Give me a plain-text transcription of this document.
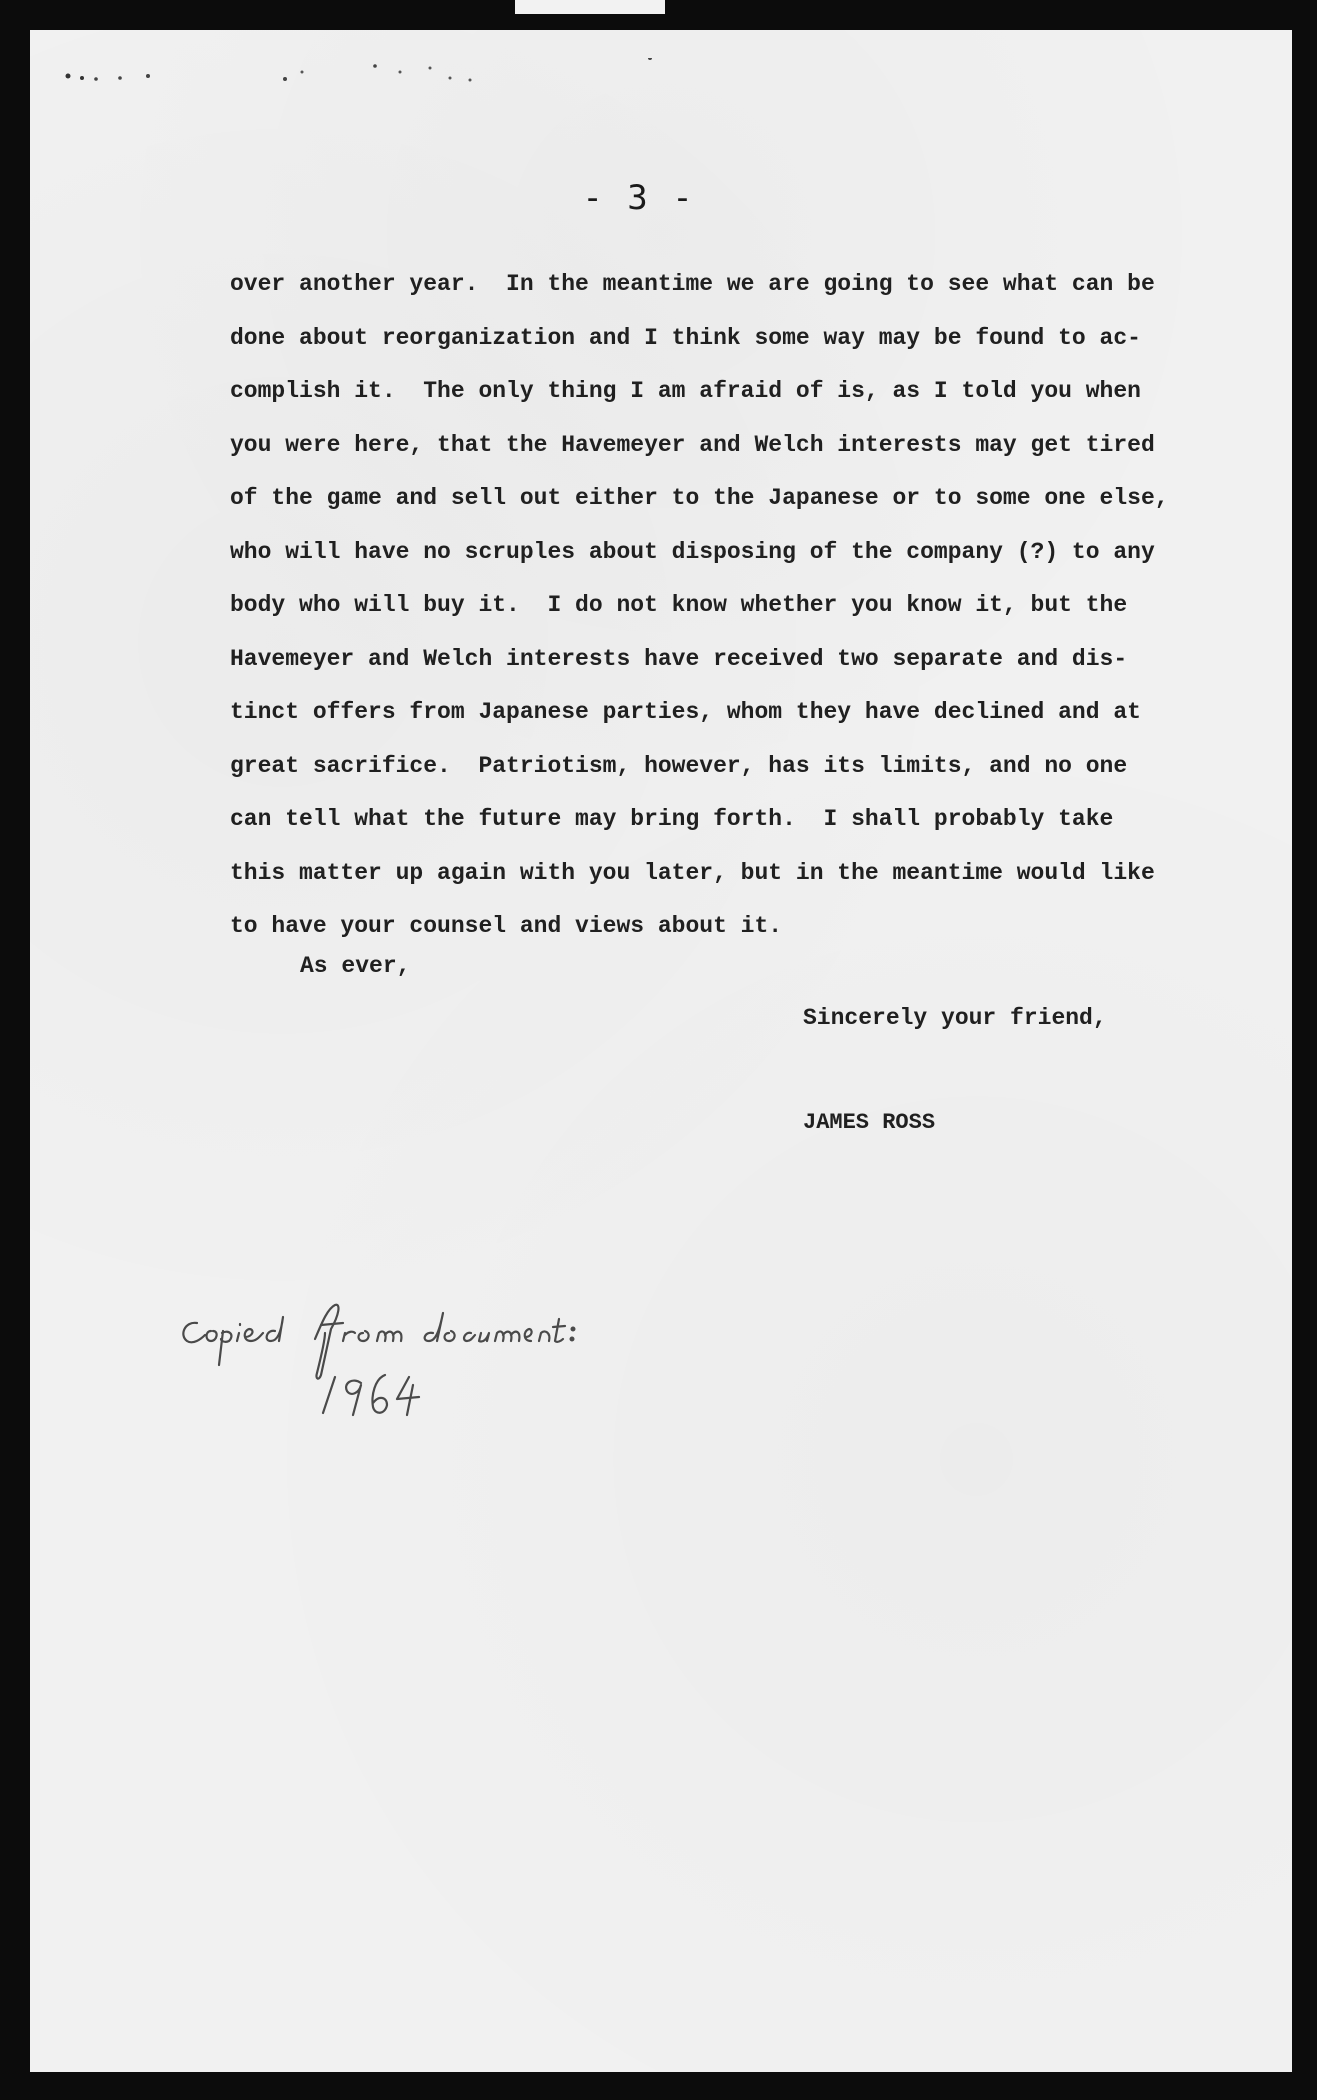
- 3 -
over another year.  In the meantime we are going to see what can be
done about reorganization and I think some way may be found to ac-
complish it.  The only thing I am afraid of is, as I told you when
you were here, that the Havemeyer and Welch interests may get tired
of the game and sell out either to the Japanese or to some one else,
who will have no scruples about disposing of the company (?) to any
body who will buy it.  I do not know whether you know it, but the
Havemeyer and Welch interests have received two separate and dis-
tinct offers from Japanese parties, whom they have declined and at
great sacrifice.  Patriotism, however, has its limits, and no one
can tell what the future may bring forth.  I shall probably take
this matter up again with you later, but in the meantime would like
to have your counsel and views about it.
As ever,
Sincerely your friend,
JAMES ROSS
